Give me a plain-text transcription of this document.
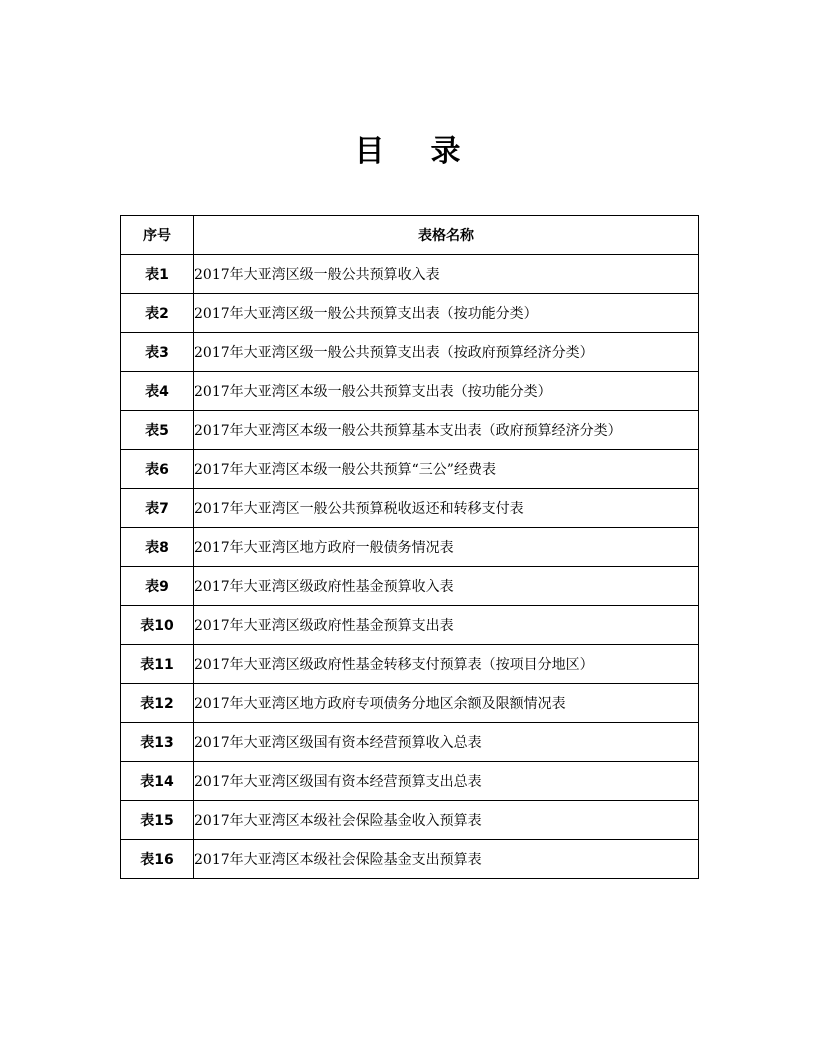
目录
序号	表格名称
表1	2017年大亚湾区级一般公共预算收入表
表2	2017年大亚湾区级一般公共预算支出表（按功能分类）
表3	2017年大亚湾区级一般公共预算支出表（按政府预算经济分类）
表4	2017年大亚湾区本级一般公共预算支出表（按功能分类）
表5	2017年大亚湾区本级一般公共预算基本支出表（政府预算经济分类）
表6	2017年大亚湾区本级一般公共预算“三公”经费表
表7	2017年大亚湾区一般公共预算税收返还和转移支付表
表8	2017年大亚湾区地方政府一般债务情况表
表9	2017年大亚湾区级政府性基金预算收入表
表10	2017年大亚湾区级政府性基金预算支出表
表11	2017年大亚湾区级政府性基金转移支付预算表（按项目分地区）
表12	2017年大亚湾区地方政府专项债务分地区余额及限额情况表
表13	2017年大亚湾区级国有资本经营预算收入总表
表14	2017年大亚湾区级国有资本经营预算支出总表
表15	2017年大亚湾区本级社会保险基金收入预算表
表16	2017年大亚湾区本级社会保险基金支出预算表
